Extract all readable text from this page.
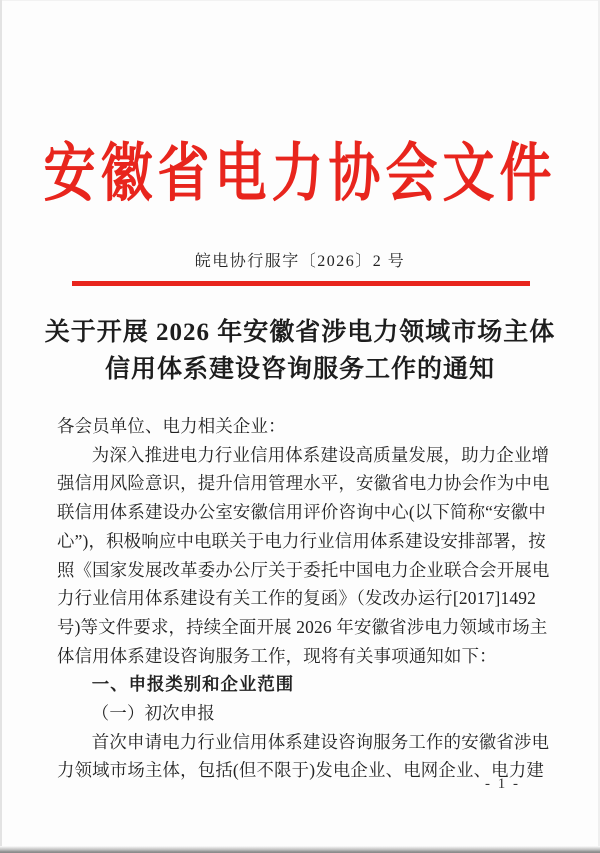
安徽省电力协会文件
皖电协行服字〔2026〕2 号
关于开展 2026 年安徽省涉电力领域市场主体
信用体系建设咨询服务工作的通知
各会员单位、电力相关企业：
为深入推进电力行业信用体系建设高质量发展，助力企业增
强信用风险意识，提升信用管理水平，安徽省电力协会作为中电
联信用体系建设办公室安徽信用评价咨询中心(以下简称“安徽中
心”)，积极响应中电联关于电力行业信用体系建设安排部署，按
照《国家发展改革委办公厅关于委托中国电力企业联合会开展电
力行业信用体系建设有关工作的复函》（发改办运行[2017]1492
号)等文件要求，持续全面开展 2026 年安徽省涉电力领域市场主
体信用体系建设咨询服务工作，现将有关事项通知如下：
一、申报类别和企业范围
（一）初次申报
首次申请电力行业信用体系建设咨询服务工作的安徽省涉电
力领域市场主体，包括(但不限于)发电企业、电网企业、电力建
- 1 -
